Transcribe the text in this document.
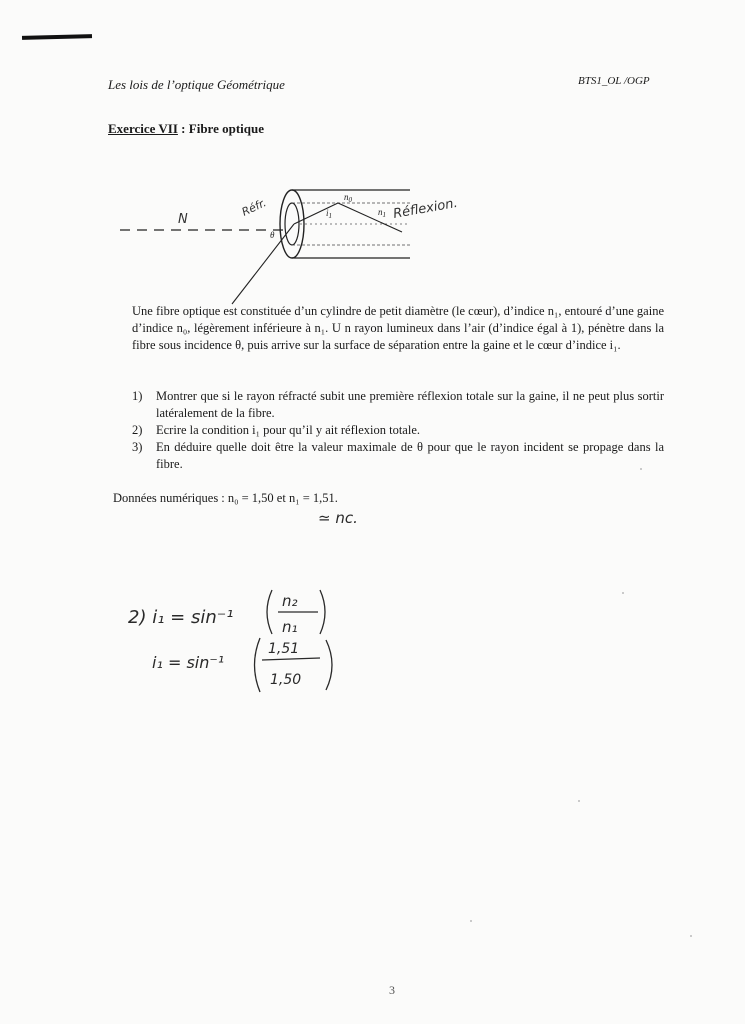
Les lois de l’optique Géométrique	BTS1_OL /OGP
Exercice VII : Fibre optique
$n_0$
$n_1$
$i_1$
θ
N
Réfr.	Réflexion.

Une fibre optique est constituée d’un cylindre de petit diamètre (le cœur), d’indice n₁, entouré d’une gaine d’indice n₀, légèrement inférieure à n₁. U n rayon lumineux dans l’air (d’indice égal à 1), pénètre dans la fibre sous incidence θ, puis arrive sur la surface de séparation entre la gaine et le cœur d’indice i₁.

1) Montrer que si le rayon réfracté subit une première réflexion totale sur la gaine, il ne peut plus sortir latéralement de la fibre.
2) Ecrire la condition i₁ pour qu’il y ait réflexion totale.
3) En déduire quelle doit être la valeur maximale de θ pour que le rayon incident se propage dans la fibre.
Données numériques : n₀ = 1,50 et n₁ = 1,51.
≃ nc.
2) i₁ = sin⁻¹
n₂
n₁
i₁ = sin⁻¹
1,51
1,50
3
